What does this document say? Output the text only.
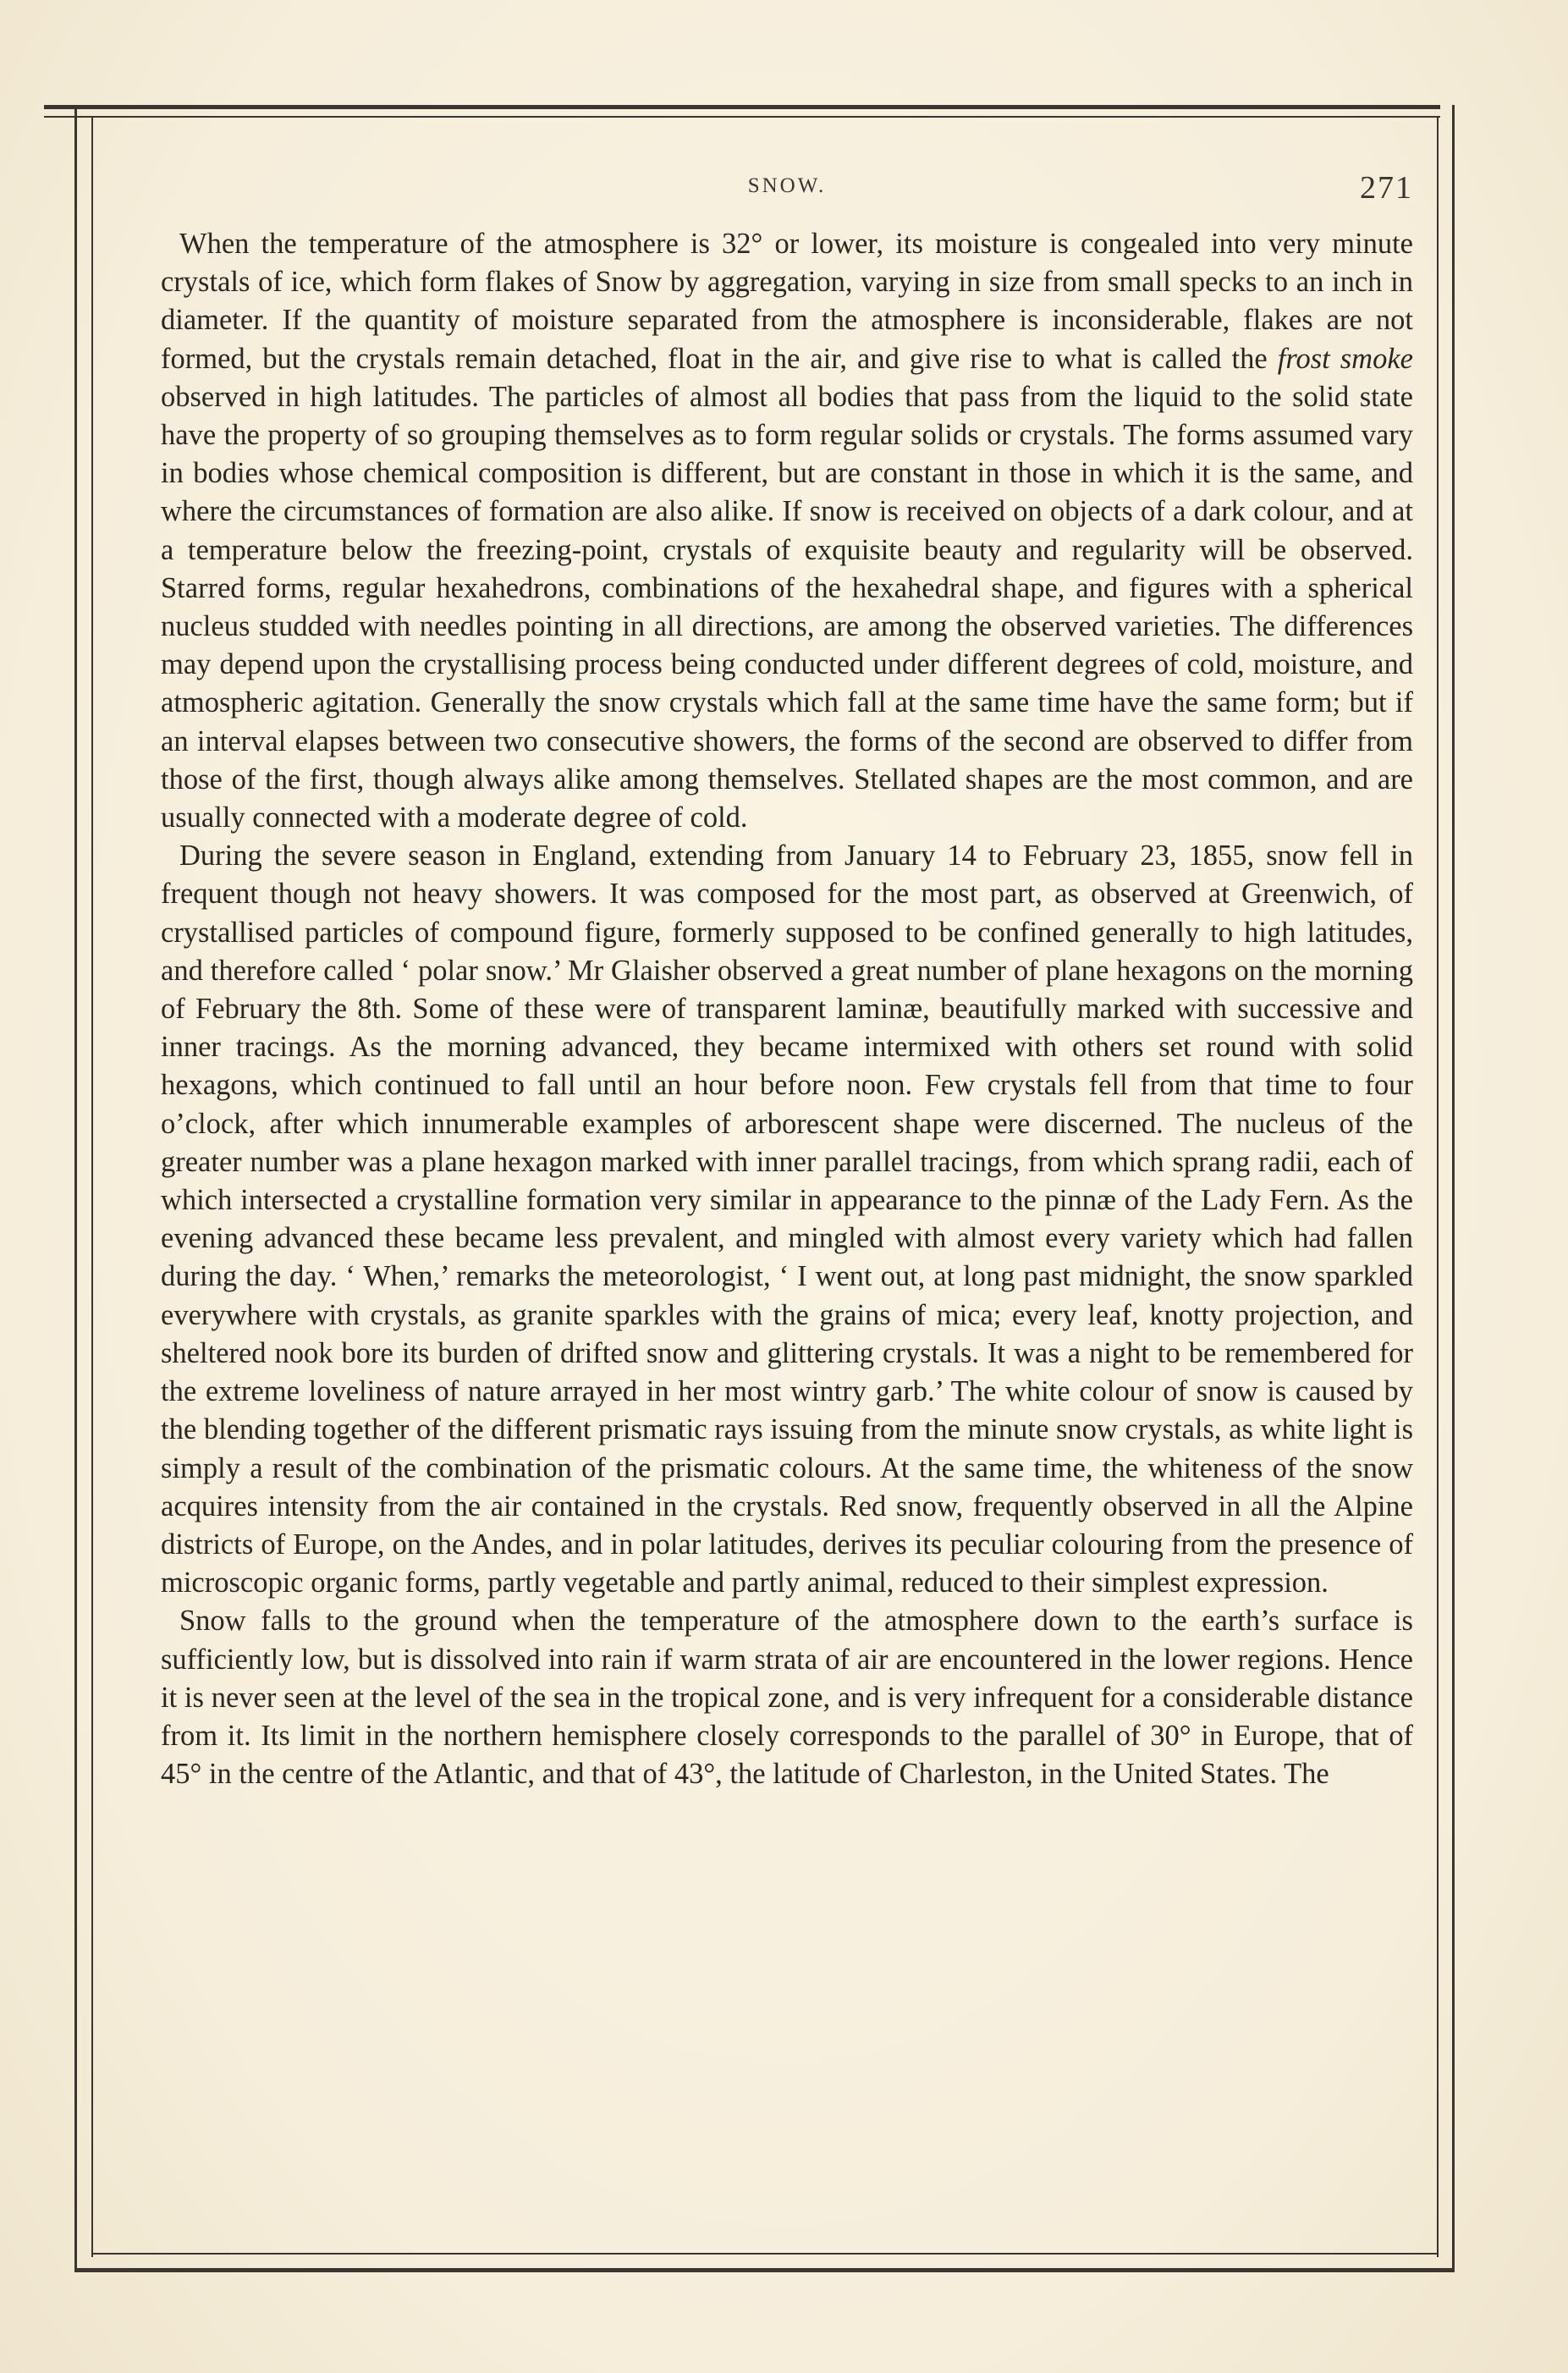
SNOW.	271

When the temperature of the atmosphere is 32° or lower, its moisture is congealed into very minute crystals of ice, which form flakes of Snow by aggregation, varying in size from small specks to an inch in diameter. If the quantity of moisture separated from the atmosphere is inconsiderable, flakes are not formed, but the crystals remain detached, float in the air, and give rise to what is called the frost smoke observed in high latitudes. The particles of almost all bodies that pass from the liquid to the solid state have the property of so grouping themselves as to form regular solids or crystals. The forms assumed vary in bodies whose chemical composition is different, but are constant in those in which it is the same, and where the circumstances of formation are also alike. If snow is received on objects of a dark colour, and at a temperature below the freezing-point, crystals of exquisite beauty and regularity will be observed. Starred forms, regular hexahedrons, combinations of the hexahedral shape, and figures with a spherical nucleus studded with needles pointing in all directions, are among the observed varieties. The differences may depend upon the crystallising process being conducted under different degrees of cold, moisture, and atmospheric agitation. Generally the snow crystals which fall at the same time have the same form; but if an interval elapses between two consecutive showers, the forms of the second are observed to differ from those of the first, though always alike among themselves. Stellated shapes are the most common, and are usually connected with a moderate degree of cold.

During the severe season in England, extending from January 14 to February 23, 1855, snow fell in frequent though not heavy showers. It was composed for the most part, as observed at Greenwich, of crystallised particles of compound figure, formerly supposed to be confined generally to high latitudes, and therefore called ‘ polar snow.’ Mr Glaisher observed a great number of plane hexagons on the morning of February the 8th. Some of these were of transparent laminæ, beautifully marked with successive and inner tracings. As the morning advanced, they became intermixed with others set round with solid hexagons, which continued to fall until an hour before noon. Few crystals fell from that time to four o’clock, after which innumerable examples of arborescent shape were discerned. The nucleus of the greater number was a plane hexagon marked with inner parallel tracings, from which sprang radii, each of which intersected a crystalline formation very similar in appearance to the pinnæ of the Lady Fern. As the evening advanced these became less prevalent, and mingled with almost every variety which had fallen during the day. ‘ When,’ remarks the meteorologist, ‘ I went out, at long past midnight, the snow sparkled everywhere with crystals, as granite sparkles with the grains of mica; every leaf, knotty projection, and sheltered nook bore its burden of drifted snow and glittering crystals. It was a night to be remembered for the extreme loveliness of nature arrayed in her most wintry garb.’ The white colour of snow is caused by the blending together of the different prismatic rays issuing from the minute snow crystals, as white light is simply a result of the combination of the prismatic colours. At the same time, the whiteness of the snow acquires intensity from the air contained in the crystals. Red snow, frequently observed in all the Alpine districts of Europe, on the Andes, and in polar latitudes, derives its peculiar colouring from the presence of microscopic organic forms, partly vegetable and partly animal, reduced to their simplest expression.

Snow falls to the ground when the temperature of the atmosphere down to the earth’s surface is sufficiently low, but is dissolved into rain if warm strata of air are encountered in the lower regions. Hence it is never seen at the level of the sea in the tropical zone, and is very infrequent for a considerable distance from it. Its limit in the northern hemisphere closely corresponds to the parallel of 30° in Europe, that of 45° in the centre of the Atlantic, and that of 43°, the latitude of Charleston, in the United States. The
